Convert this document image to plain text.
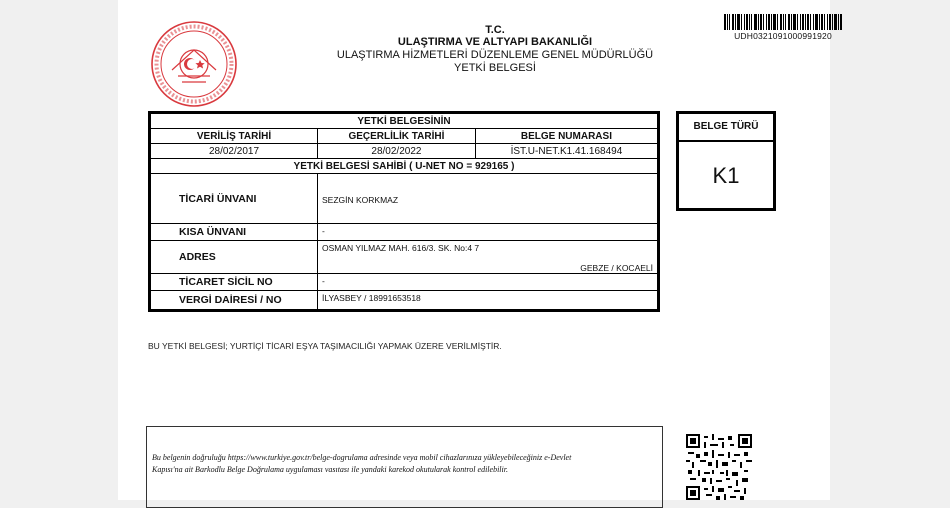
T.C.
ULAŞTIRMA VE ALTYAPI BAKANLIĞI
ULAŞTIRMA HİZMETLERİ DÜZENLEME GENEL MÜDÜRLÜĞÜ
YETKİ BELGESİ
UDH0321091000991920
YETKİ BELGESİNİN		
VERİLİŞ TARİHİ	GEÇERLİLİK TARİHİ	BELGE NUMARASI
28/02/2017	28/02/2022	İST.U-NET.K1.41.168494
YETKİ BELGESİ SAHİBİ ( U-NET NO = 929165 )		
TİCARİ ÜNVANI	SEZGİN KORKMAZ	
KISA ÜNVANI	-	
ADRES	OSMAN YILMAZ MAH. 616/3. SK. No:4 7
GEBZE / KOCAELİ	

TİCARET SİCİL NO	-	
VERGİ DAİRESİ / NO	İLYASBEY / 18991653518	
BELGE TÜRÜ
K1
BU YETKİ BELGESİ; YURTİÇİ TİCARİ EŞYA TAŞIMACILIĞI YAPMAK ÜZERE VERİLMİŞTİR.
Bu belgenin doğruluğu https://www.turkiye.gov.tr/belge-dogrulama adresinde veya mobil cihazlarınıza yükleyebileceğiniz e-Devlet
Kapısı'na ait Barkodlu Belge Doğrulama uygulaması vasıtası ile yandaki karekod okutularak kontrol edilebilir.
